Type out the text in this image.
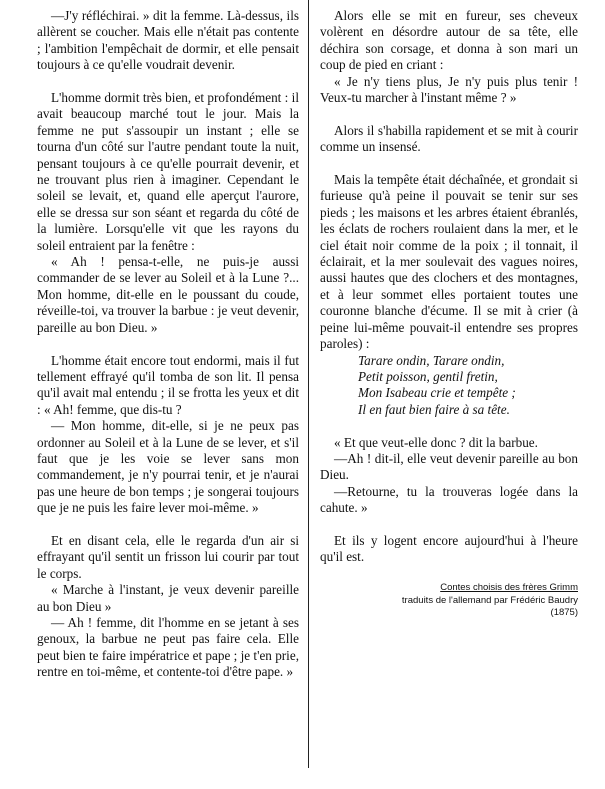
—J'y réfléchirai. » dit la femme. Là-dessus, ils allèrent se coucher. Mais elle n'était pas contente ; l'ambition l'empêchait de dormir, et elle pensait toujours à ce qu'elle voudrait devenir.

L'homme dormit très bien, et profondément : il avait beaucoup marché tout le jour. Mais la femme ne put s'assoupir un instant ; elle se tourna d'un côté sur l'autre pendant toute la nuit, pensant toujours à ce qu'elle pourrait devenir, et ne trouvant plus rien à imaginer. Cependant le soleil se levait, et, quand elle aperçut l'aurore, elle se dressa sur son séant et regarda du côté de la lumière. Lorsqu'elle vit que les rayons du soleil entraient par la fenêtre :

« Ah ! pensa-t-elle, ne puis-je aussi commander de se lever au Soleil et à la Lune ?... Mon homme, dit-elle en le poussant du coude, réveille-toi, va trouver la barbue : je veut devenir, pareille au bon Dieu. »

L'homme était encore tout endormi, mais il fut tellement effrayé qu'il tomba de son lit. Il pensa qu'il avait mal entendu ; il se frotta les yeux et dit : « Ah! femme, que dis-tu ?

— Mon homme, dit-elle, si je ne peux pas ordonner au Soleil et à la Lune de se lever, et s'il faut que je les voie se lever sans mon commandement, je n'y pourrai tenir, et je n'aurai pas une heure de bon temps ; je songerai toujours que je ne puis les faire lever moi-même. »

Et en disant cela, elle le regarda d'un air si effrayant qu'il sentit un frisson lui courir par tout le corps.

« Marche à l'instant, je veux devenir pareille au bon Dieu »

— Ah ! femme, dit l'homme en se jetant à ses genoux, la barbue ne peut pas faire cela. Elle peut bien te faire impératrice et pape ; je t'en prie, rentre en toi-même, et contente-toi d'être pape. »

Alors elle se mit en fureur, ses cheveux volèrent en désordre autour de sa tête, elle déchira son corsage, et donna à son mari un coup de pied en criant :

« Je n'y tiens plus, Je n'y puis plus tenir ! Veux-tu marcher à l'instant même ? »

Alors il s'habilla rapidement et se mit à courir comme un insensé.

Mais la tempête était déchaînée, et grondait si furieuse qu'à peine il pouvait se tenir sur ses pieds ; les maisons et les arbres étaient ébranlés, les éclats de rochers roulaient dans la mer, et le ciel était noir comme de la poix ; il tonnait, il éclairait, et la mer soulevait des vagues noires, aussi hautes que des clochers et des montagnes, et à leur sommet elles portaient toutes une couronne blanche d'écume. Il se mit à crier (à peine lui-même pouvait-il entendre ses propres paroles) :

Tarare ondin, Tarare ondin,
Petit poisson, gentil fretin,
Mon Isabeau crie et tempête ;
Il en faut bien faire à sa tête.

« Et que veut-elle donc ? dit la barbue.

—Ah ! dit-il, elle veut devenir pareille au bon Dieu.

—Retourne, tu la trouveras logée dans la cahute. »

Et ils y logent encore aujourd'hui à l'heure qu'il est.

Contes choisis des frères Grimm
traduits de l'allemand par Frédéric Baudry
(1875)
